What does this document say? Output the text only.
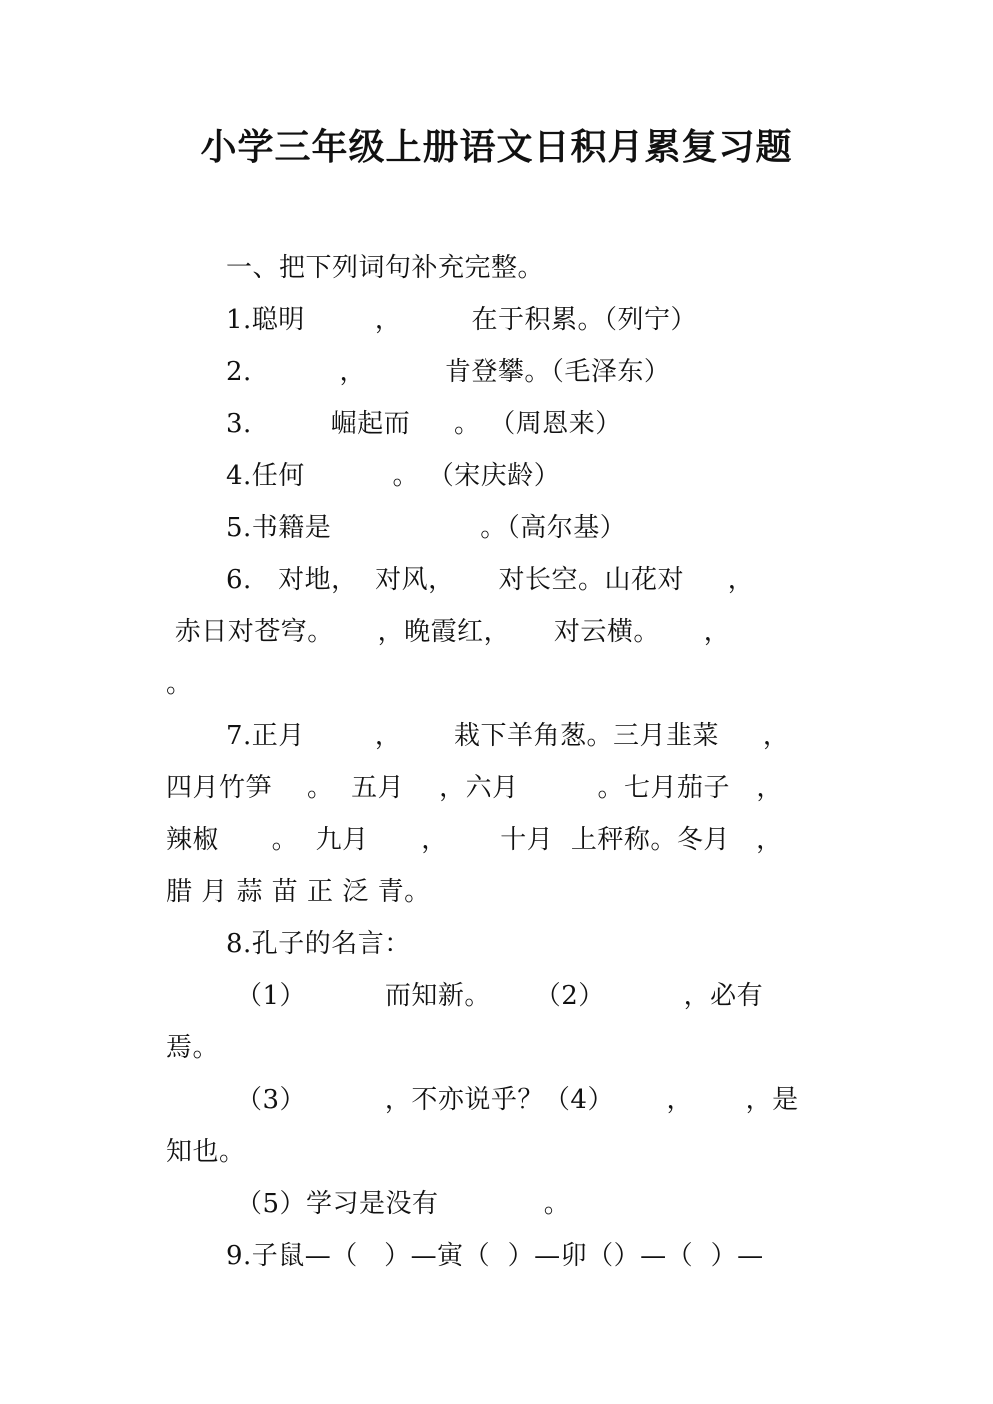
小学三年级上册语文日积月累复习题
一、把下列词句补充完整。
1.聪明        ，        在于积累。（列宁）
2.          ，         肯登攀。（毛泽东）
3.         崛起而     。 （周恩来）
4.任何          。 （宋庆龄）
5.书籍是                 。（高尔基）
6.   对地，  对风，     对长空。山花对     ，
赤日对苍穹。     ，晚霞红，     对云横。     ，
。
7.正月        ，      栽下羊角葱。三月韭菜     ，
四月竹笋    。  五月    ，六月         。七月茄子   ，
辣椒      。  九月      ，      十月  上秤称。冬月   ，
腊 月 蒜 苗 正 泛 青。
8.孔子的名言：
（1）         而知新。     （2）         ，必有
焉。
（3）         ，不亦说乎？（4）      ，      ，是
知也。
（5）学习是没有            。
9.子鼠—（   ）—寅（  ）—卯（）—（  ）—
